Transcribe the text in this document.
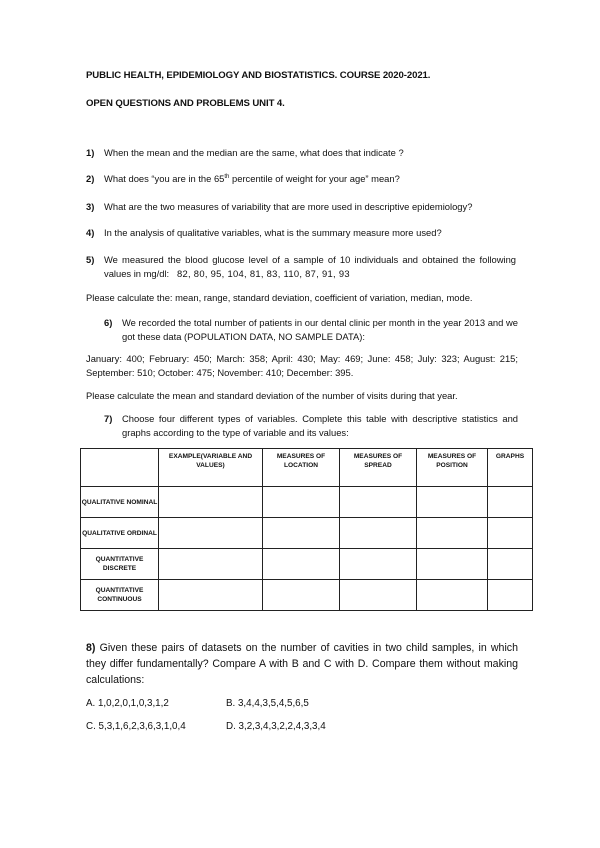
PUBLIC HEALTH, EPIDEMIOLOGY AND BIOSTATISTICS. COURSE 2020-2021.
OPEN QUESTIONS AND PROBLEMS UNIT 4.
1) When the mean and the median are the same, what does that indicate ?
2) What does “you are in the 65th percentile of weight for your age” mean?
3) What are the two measures of variability that are more used in descriptive epidemiology?
4) In the analysis of qualitative variables, what is the summary measure more used?
5) We measured the blood glucose level of a sample of 10 individuals and obtained the following values in mg/dl: 82, 80, 95, 104, 81, 83, 110, 87, 91, 93
Please calculate the: mean, range, standard deviation, coefficient of variation, median, mode.
6) We recorded the total number of patients in our dental clinic per month in the year 2013 and we got these data (POPULATION DATA, NO SAMPLE DATA):
January: 400; February: 450; March: 358; April: 430; May: 469; June: 458; July: 323; August: 215; September: 510; October: 475; November: 410; December: 395.
Please calculate the mean and standard deviation of the number of visits during that year.
7) Choose four different types of variables. Complete this table with descriptive statistics and graphs according to the type of variable and its values:
	EXAMPLE(VARIABLE AND VALUES)	MEASURES OF LOCATION	MEASURES OF SPREAD	MEASURES OF POSITION	GRAPHS
QUALITATIVE NOMINAL					
QUALITATIVE ORDINAL					
QUANTITATIVE DISCRETE					
QUANTITATIVE CONTINUOUS					
8) Given these pairs of datasets on the number of cavities in two child samples, in which they differ fundamentally? Compare A with B and C with D. Compare them without making calculations:
A. 1,0,2,0,1,0,3,1,2	B. 3,4,4,3,5,4,5,6,5
C. 5,3,1,6,2,3,6,3,1,0,4	D. 3,2,3,4,3,2,2,4,3,3,4
